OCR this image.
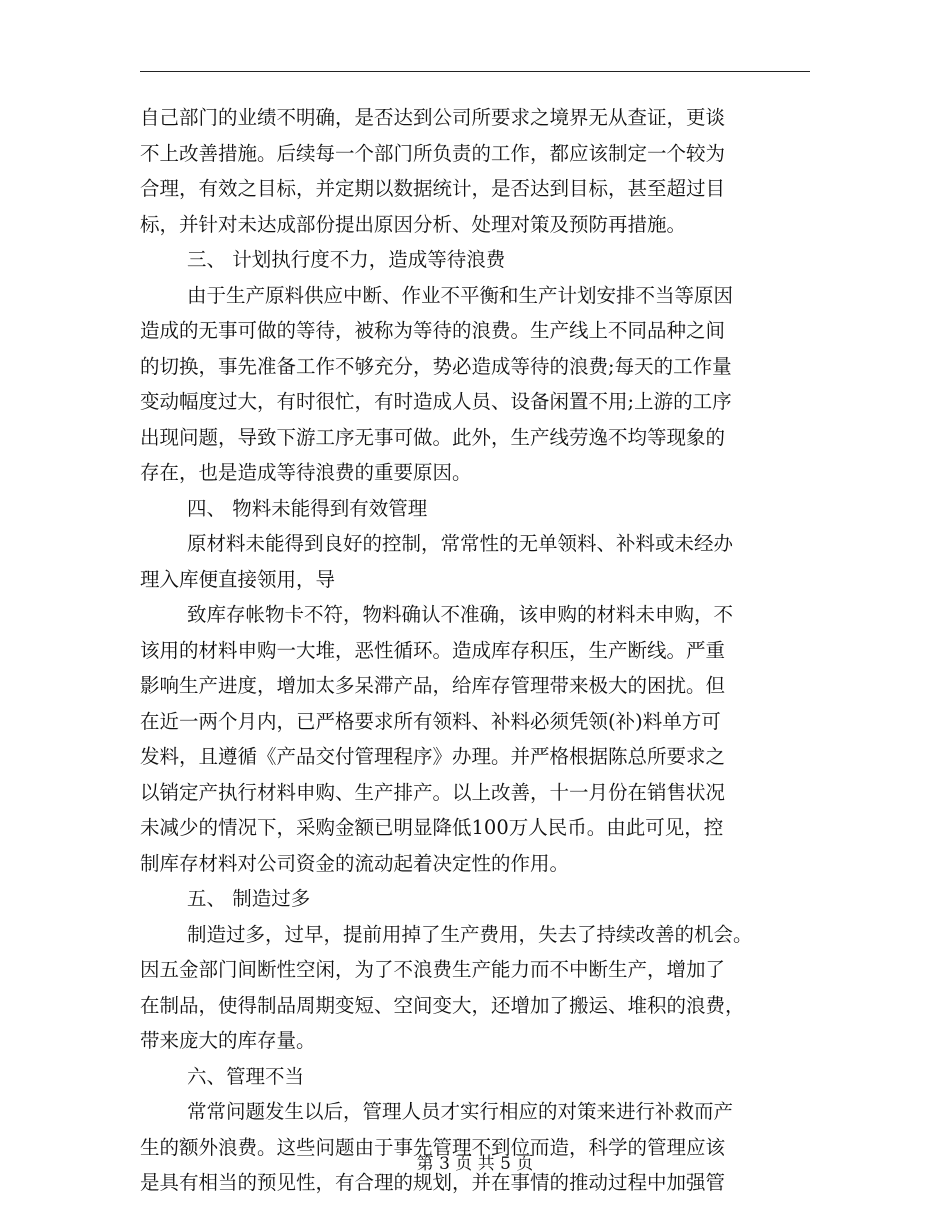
自己部门的业绩不明确，是否达到公司所要求之境界无从查证，更谈
不上改善措施。后续每一个部门所负责的工作，都应该制定一个较为
合理，有效之目标，并定期以数据统计，是否达到目标，甚至超过目
标，并针对未达成部份提出原因分析、处理对策及预防再措施。
三、 计划执行度不力，造成等待浪费
由于生产原料供应中断、作业不平衡和生产计划安排不当等原因
造成的无事可做的等待，被称为等待的浪费。生产线上不同品种之间
的切换，事先准备工作不够充分，势必造成等待的浪费;每天的工作量
变动幅度过大，有时很忙，有时造成人员、设备闲置不用;上游的工序
出现问题，导致下游工序无事可做。此外，生产线劳逸不均等现象的
存在，也是造成等待浪费的重要原因。
四、 物料未能得到有效管理
原材料未能得到良好的控制，常常性的无单领料、补料或未经办
理入库便直接领用，导
致库存帐物卡不符，物料确认不准确，该申购的材料未申购，不
该用的材料申购一大堆，恶性循环。造成库存积压，生产断线。严重
影响生产进度，增加太多呆滞产品，给库存管理带来极大的困扰。但
在近一两个月内，已严格要求所有领料、补料必须凭领(补)料单方可
发料，且遵循《产品交付管理程序》办理。并严格根据陈总所要求之
以销定产执行材料申购、生产排产。以上改善，十一月份在销售状况
未减少的情况下，采购金额已明显降低100万人民币。由此可见，控
制库存材料对公司资金的流动起着决定性的作用。
五、 制造过多
制造过多，过早，提前用掉了生产费用，失去了持续改善的机会。
因五金部门间断性空闲，为了不浪费生产能力而不中断生产，增加了
在制品，使得制品周期变短、空间变大，还增加了搬运、堆积的浪费，
带来庞大的库存量。
六、管理不当
常常问题发生以后，管理人员才实行相应的对策来进行补救而产
生的额外浪费。这些问题由于事先管理不到位而造，科学的管理应该
是具有相当的预见性，有合理的规划，并在事情的推动过程中加强管
第 3 页 共 5 页
